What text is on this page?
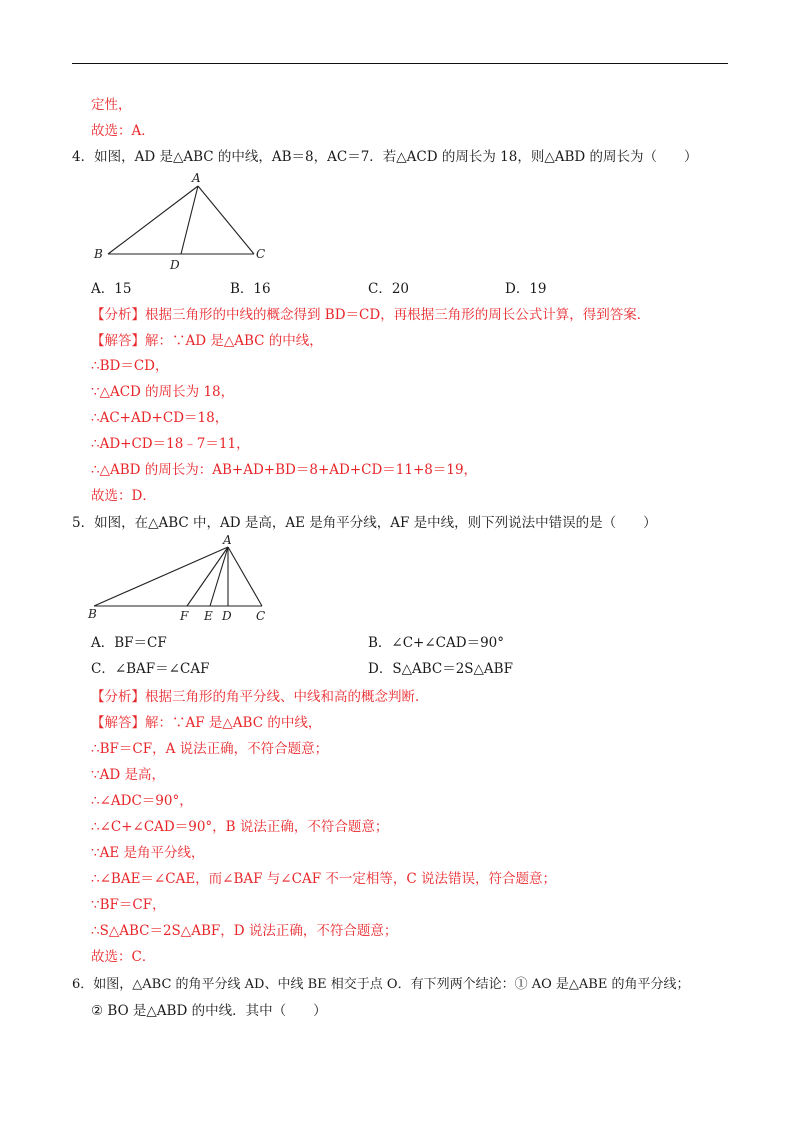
定性，
故选：A．
4．如图，AD 是△ABC 的中线，AB＝8，AC＝7．若△ACD 的周长为 18，则△ABD 的周长为（　　）
A
B	C
D
A．15	B．16	C．20	D．19
【分析】根据三角形的中线的概念得到 BD＝CD，再根据三角形的周长公式计算，得到答案．
【解答】解：∵AD 是△ABC 的中线，
∴BD＝CD，
∵△ACD 的周长为 18，
∴AC+AD+CD＝18，
∴AD+CD＝18﹣7＝11，
∴△ABD 的周长为：AB+AD+BD＝8+AD+CD＝11+8＝19，
故选：D．
5．如图，在△ABC 中，AD 是高，AE 是角平分线，AF 是中线，则下列说法中错误的是（　　）
A
B	F E D C
A．BF＝CF	B．∠C+∠CAD＝90°
C．∠BAF＝∠CAF	D．S△ABC＝2S△ABF
【分析】根据三角形的角平分线、中线和高的概念判断．
【解答】解：∵AF 是△ABC 的中线，
∴BF＝CF，A 说法正确，不符合题意；
∵AD 是高，
∴∠ADC＝90°，
∴∠C+∠CAD＝90°，B 说法正确，不符合题意；
∵AE 是角平分线，
∴∠BAE＝∠CAE，而∠BAF 与∠CAF 不一定相等，C 说法错误，符合题意；
∵BF＝CF，
∴S△ABC＝2S△ABF，D 说法正确，不符合题意；
故选：C．
6．如图，△ABC 的角平分线 AD、中线 BE 相交于点 O．有下列两个结论：① AO 是△ABE 的角平分线；
② BO 是△ABD 的中线．其中（　　）
